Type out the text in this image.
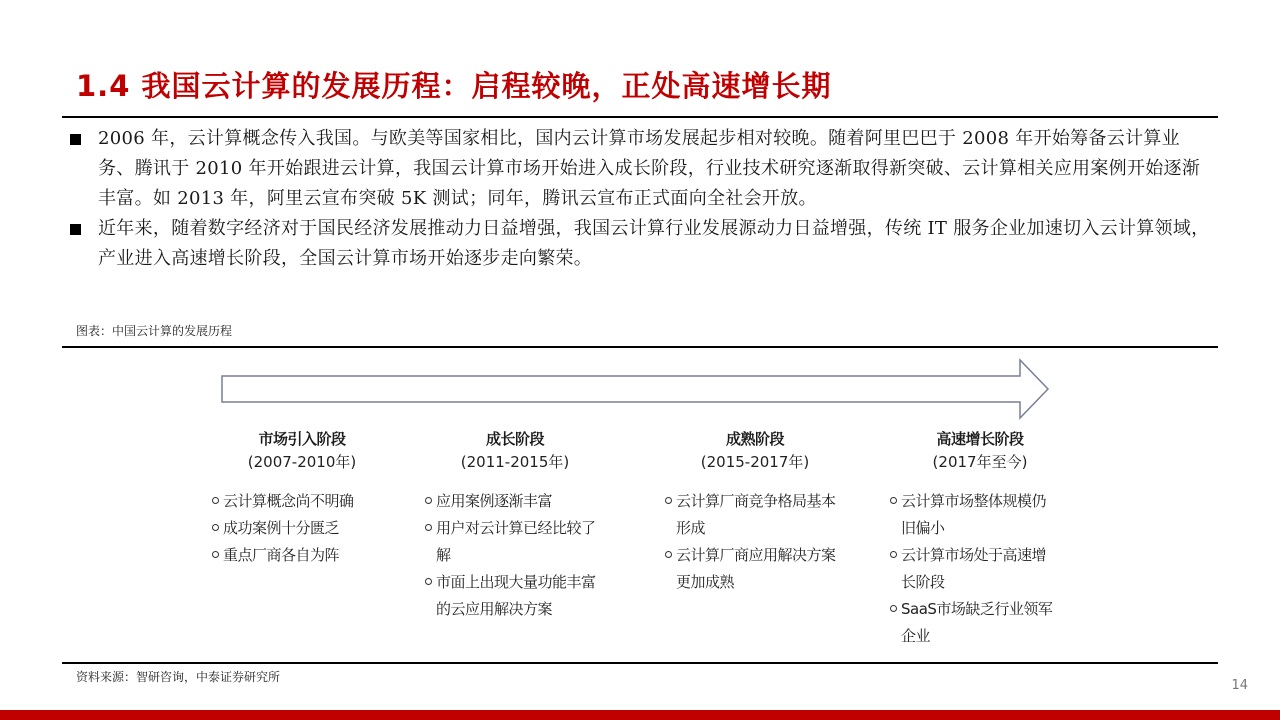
1.4 我国云计算的发展历程：启程较晚，正处高速增长期
2006 年，云计算概念传入我国。与欧美等国家相比，国内云计算市场发展起步相对较晚。随着阿里巴巴于 2008 年开始筹备云计算业务、腾讯于 2010 年开始跟进云计算，我国云计算市场开始进入成长阶段，行业技术研究逐渐取得新突破、云计算相关应用案例开始逐渐丰富。如 2013 年，阿里云宣布突破 5K 测试；同年，腾讯云宣布正式面向全社会开放。
近年来，随着数字经济对于国民经济发展推动力日益增强，我国云计算行业发展源动力日益增强，传统 IT 服务企业加速切入云计算领域，产业进入高速增长阶段，全国云计算市场开始逐步走向繁荣。
图表：中国云计算的发展历程
市场引入阶段
(2007-2010年)
云计算概念尚不明确
成功案例十分匮乏
重点厂商各自为阵
成长阶段
(2011-2015年)
应用案例逐渐丰富
用户对云计算已经比较了解
市面上出现大量功能丰富的云应用解决方案
成熟阶段
(2015-2017年)
云计算厂商竞争格局基本形成
云计算厂商应用解决方案更加成熟
高速增长阶段
(2017年至今)
云计算市场整体规模仍旧偏小
云计算市场处于高速增长阶段
SaaS市场缺乏行业领军企业
资料来源：智研咨询，中泰证券研究所
14
